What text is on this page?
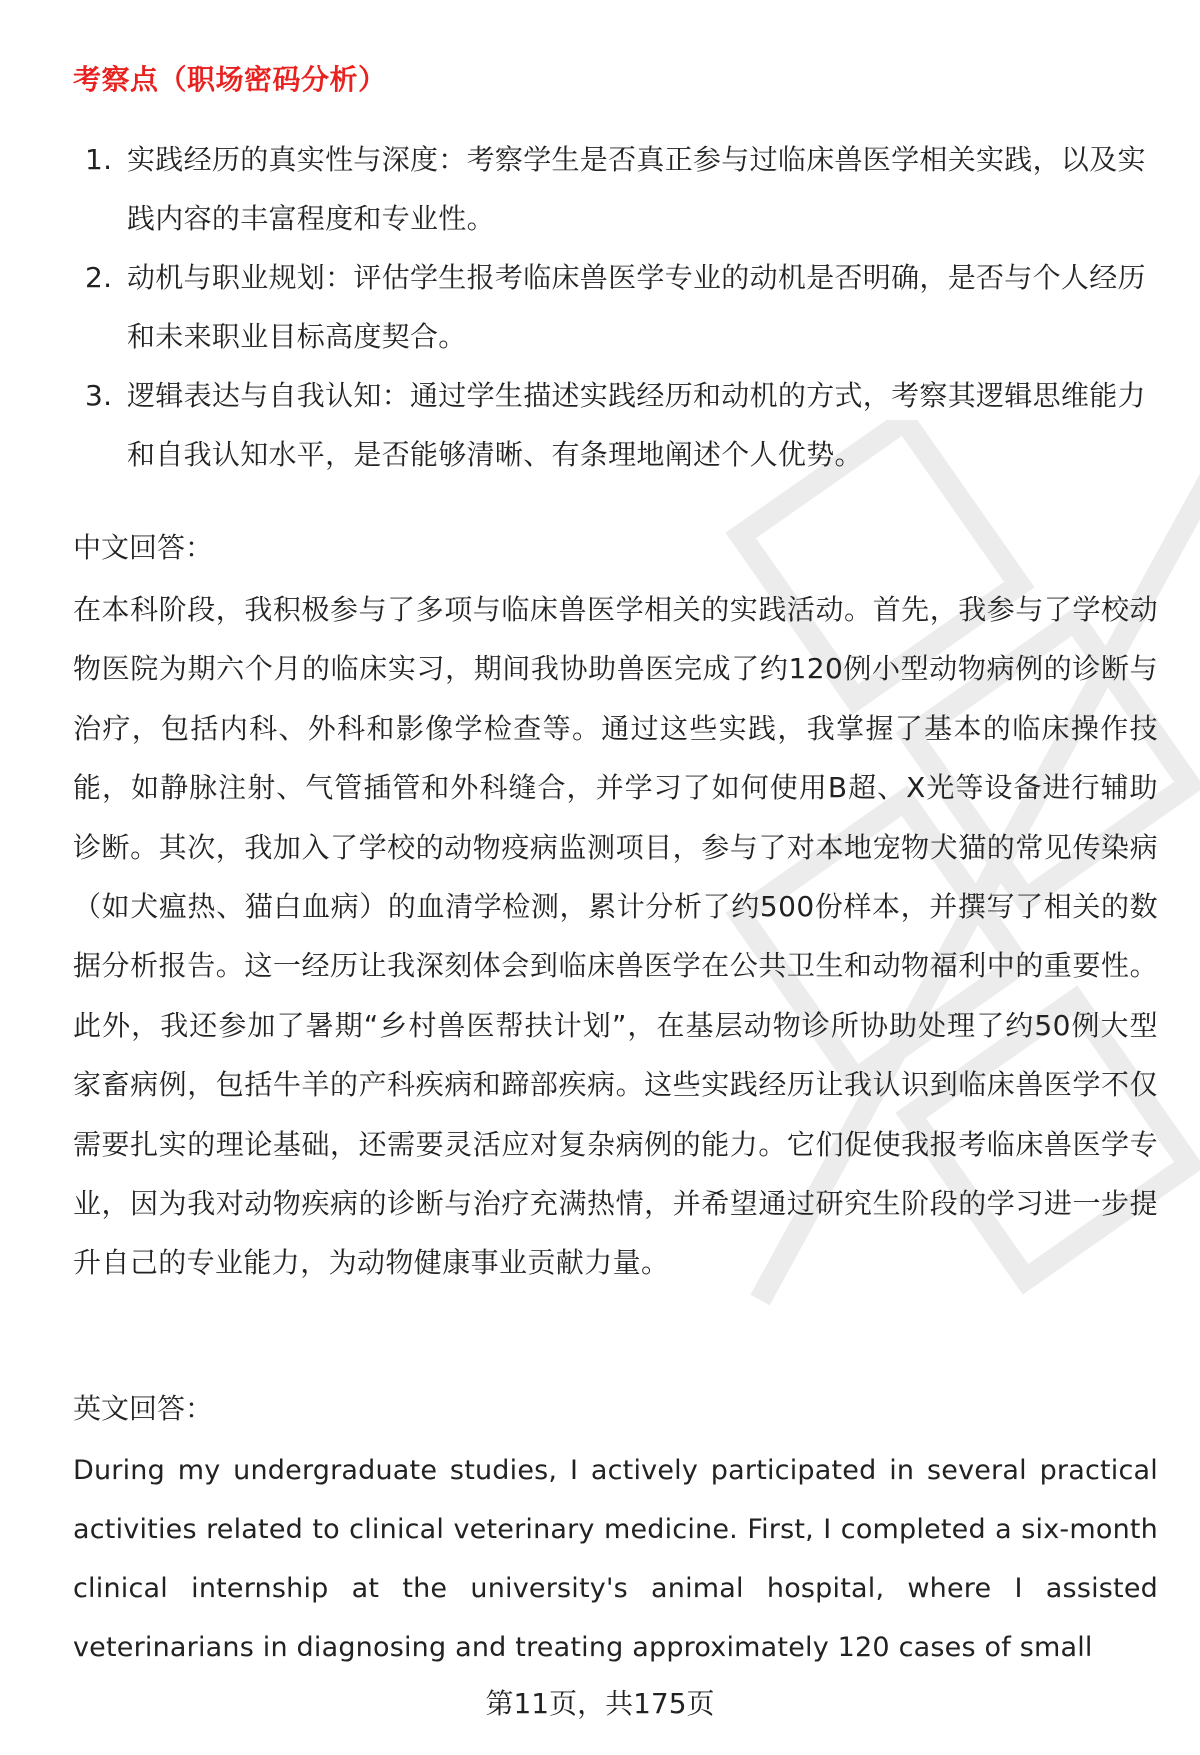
考察点（职场密码分析）
1. 实践经历的真实性与深度：考察学生是否真正参与过临床兽医学相关实践，以及实践内容的丰富程度和专业性。
2. 动机与职业规划：评估学生报考临床兽医学专业的动机是否明确，是否与个人经历和未来职业目标高度契合。
3. 逻辑表达与自我认知：通过学生描述实践经历和动机的方式，考察其逻辑思维能力和自我认知水平，是否能够清晰、有条理地阐述个人优势。
中文回答：

在本科阶段，我积极参与了多项与临床兽医学相关的实践活动。首先，我参与了学校动物医院为期六个月的临床实习，期间我协助兽医完成了约120例小型动物病例的诊断与治疗，包括内科、外科和影像学检查等。通过这些实践，我掌握了基本的临床操作技能，如静脉注射、气管插管和外科缝合，并学习了如何使用B超、X光等设备进行辅助诊断。其次，我加入了学校的动物疫病监测项目，参与了对本地宠物犬猫的常见传染病（如犬瘟热、猫白血病）的血清学检测，累计分析了约500份样本，并撰写了相关的数据分析报告。这一经历让我深刻体会到临床兽医学在公共卫生和动物福利中的重要性。此外，我还参加了暑期“乡村兽医帮扶计划”，在基层动物诊所协助处理了约50例大型家畜病例，包括牛羊的产科疾病和蹄部疾病。这些实践经历让我认识到临床兽医学不仅需要扎实的理论基础，还需要灵活应对复杂病例的能力。它们促使我报考临床兽医学专业，因为我对动物疾病的诊断与治疗充满热情，并希望通过研究生阶段的学习进一步提升自己的专业能力，为动物健康事业贡献力量。

英文回答：

During my undergraduate studies, I actively participated in several practical activities related to clinical veterinary medicine. First, I completed a six-month clinical internship at the university's animal hospital, where I assisted veterinarians in diagnosing and treating approximately 120 cases of small

第11页，共175页
